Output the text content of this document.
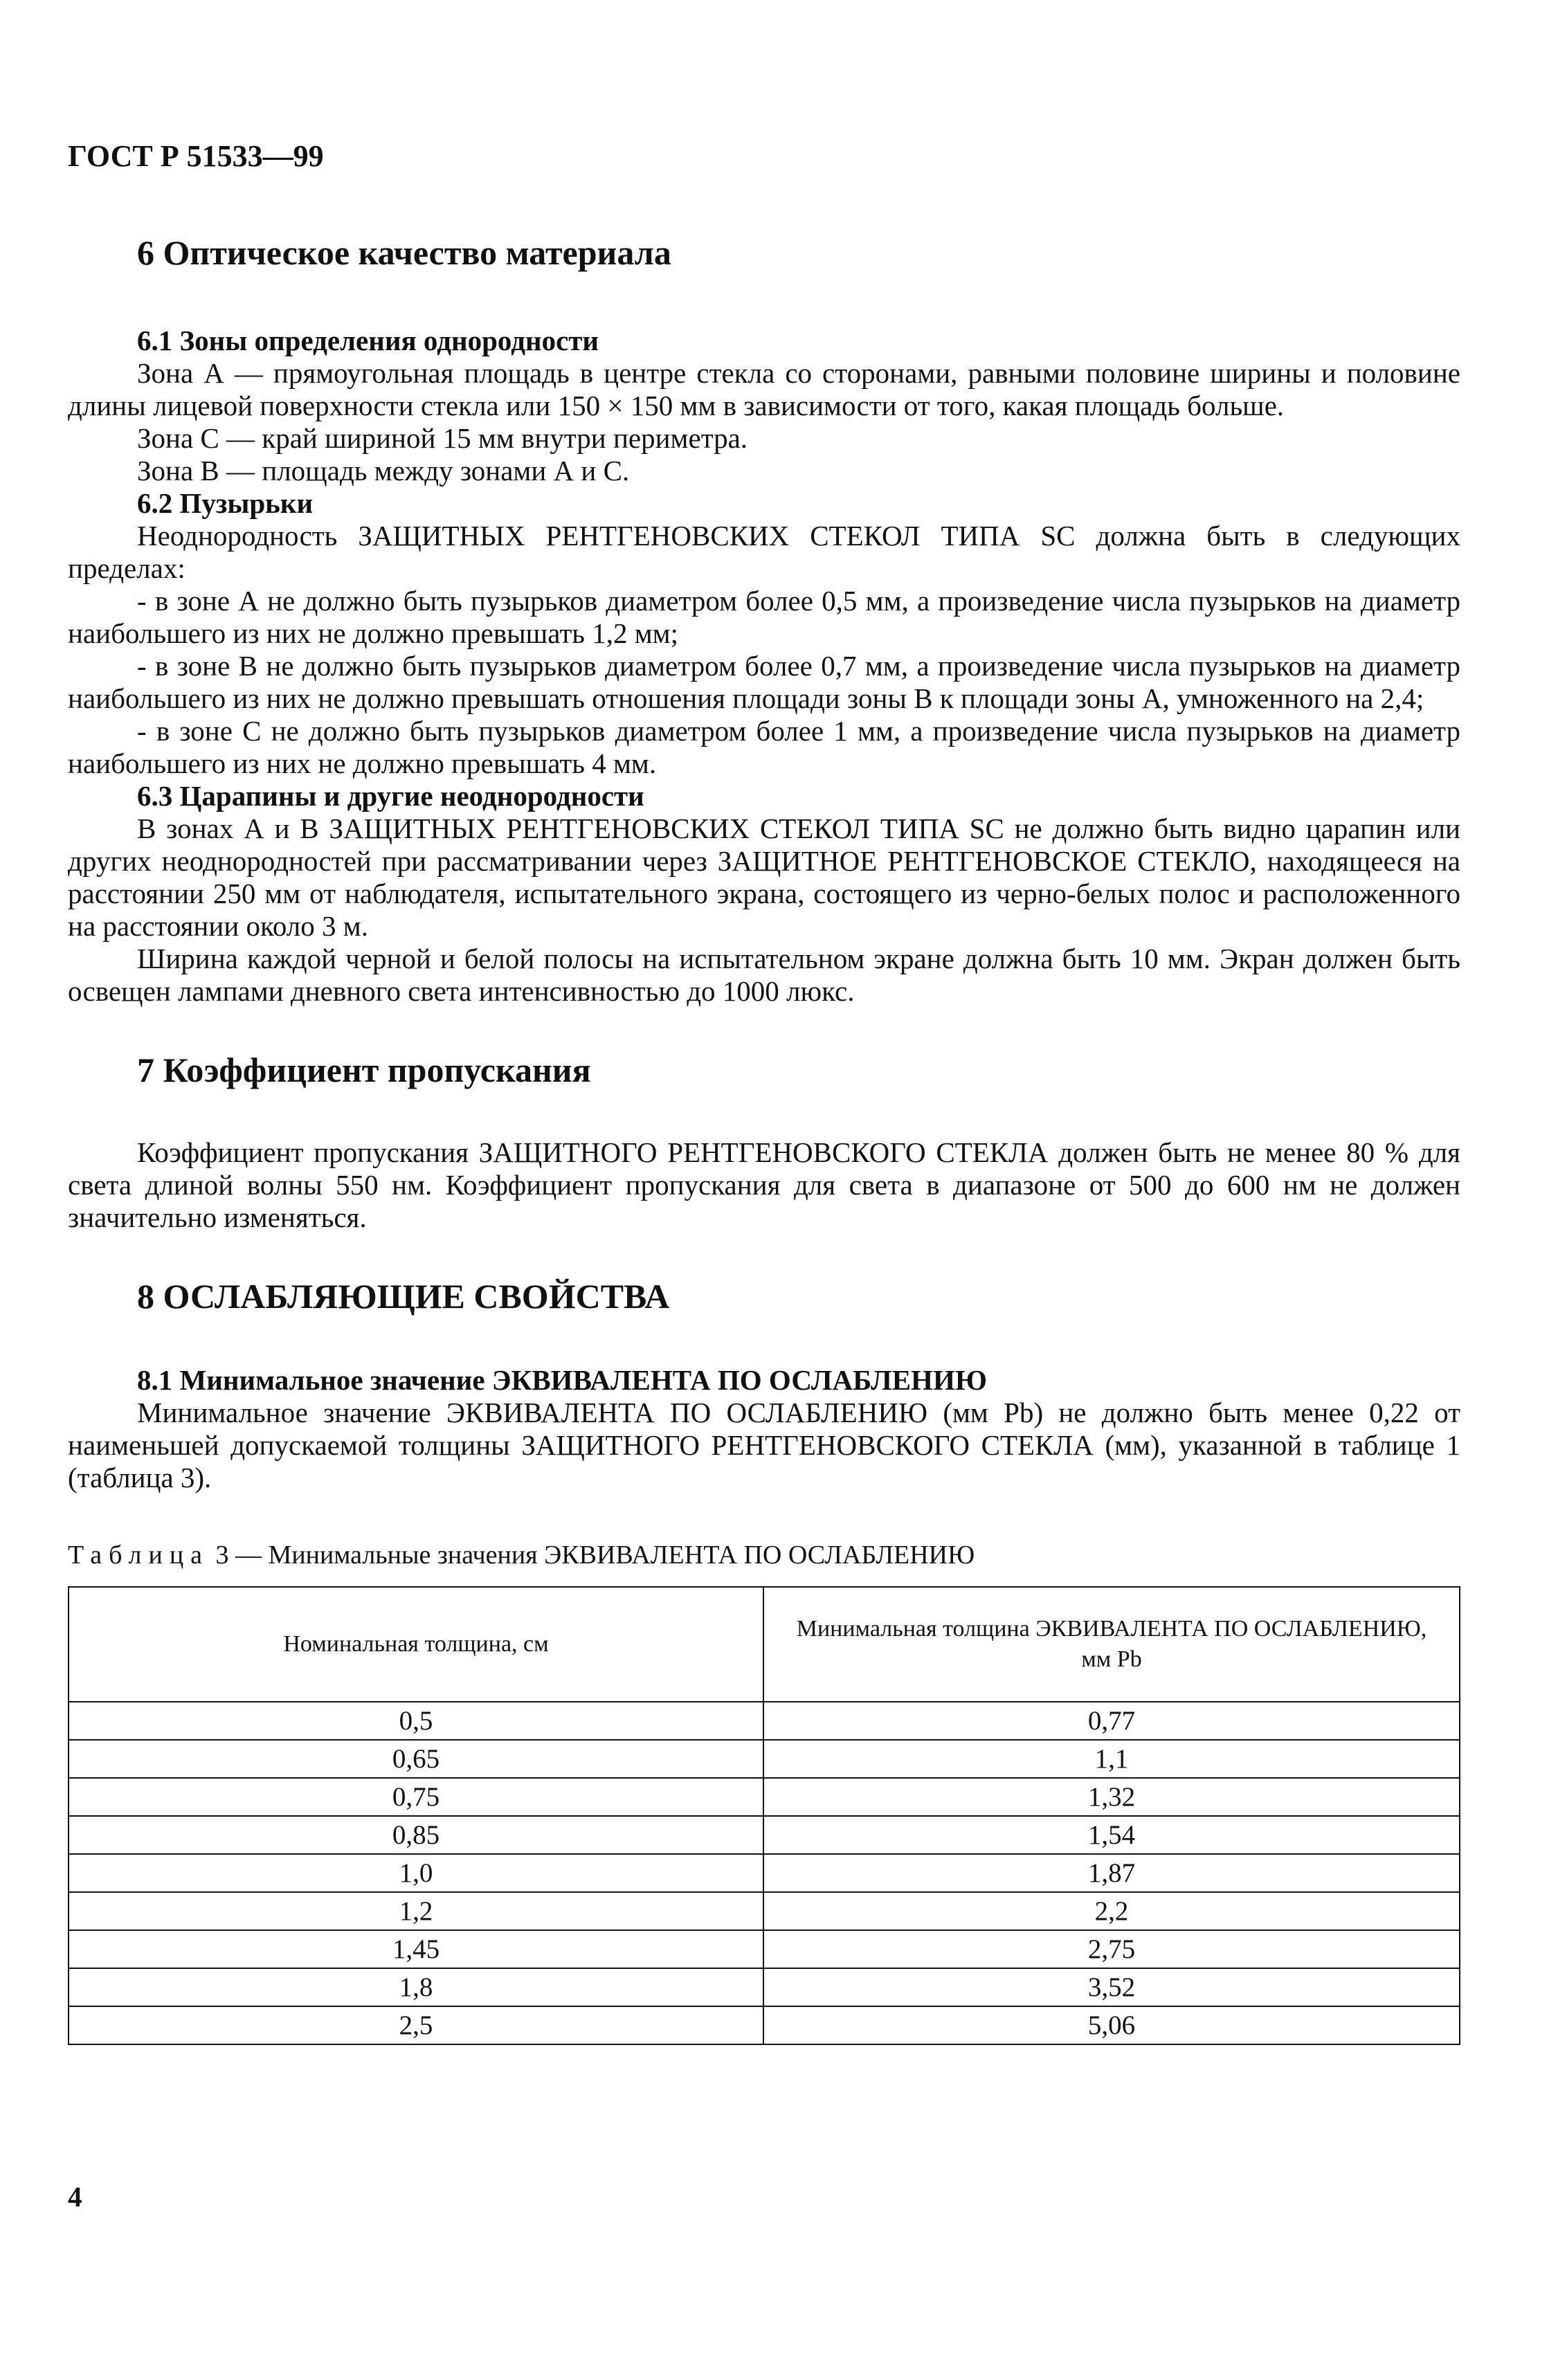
ГОСТ Р 51533—99
6 Оптическое качество материала
6.1 Зоны определения однородности

Зона А — прямоугольная площадь в центре стекла со сторонами, равными половине ширины и половине длины лицевой поверхности стекла или 150 × 150 мм в зависимости от того, какая площадь больше.

Зона С — край шириной 15 мм внутри периметра.

Зона В — площадь между зонами А и С.

6.2 Пузырьки

Неоднородность ЗАЩИТНЫХ РЕНТГЕНОВСКИХ СТЕКОЛ ТИПА SC должна быть в следующих пределах:

- в зоне А не должно быть пузырьков диаметром более 0,5 мм, а произведение числа пузырьков на диаметр наибольшего из них не должно превышать 1,2 мм;

- в зоне В не должно быть пузырьков диаметром более 0,7 мм, а произведение числа пузырьков на диаметр наибольшего из них не должно превышать отношения площади зоны В к площади зоны А, умноженного на 2,4;

- в зоне С не должно быть пузырьков диаметром более 1 мм, а произведение числа пузырьков на диаметр наибольшего из них не должно превышать 4 мм.

6.3 Царапины и другие неоднородности

В зонах А и В ЗАЩИТНЫХ РЕНТГЕНОВСКИХ СТЕКОЛ ТИПА SC не должно быть видно царапин или других неоднородностей при рассматривании через ЗАЩИТНОЕ РЕНТГЕНОВСКОЕ СТЕКЛО, находящееся на расстоянии 250 мм от наблюдателя, испытательного экрана, состоящего из черно-белых полос и расположенного на расстоянии около 3 м.

Ширина каждой черной и белой полосы на испытательном экране должна быть 10 мм. Экран должен быть освещен лампами дневного света интенсивностью до 1000 люкс.

7 Коэффициент пропускания

Коэффициент пропускания ЗАЩИТНОГО РЕНТГЕНОВСКОГО СТЕКЛА должен быть не менее 80 % для света длиной волны 550 нм. Коэффициент пропускания для света в диапазоне от 500 до 600 нм не должен значительно изменяться.

8 ОСЛАБЛЯЮЩИЕ СВОЙСТВА
8.1 Минимальное значение ЭКВИВАЛЕНТА ПО ОСЛАБЛЕНИЮ

Минимальное значение ЭКВИВАЛЕНТА ПО ОСЛАБЛЕНИЮ (мм Pb) не должно быть менее 0,22 от наименьшей допускаемой толщины ЗАЩИТНОГО РЕНТГЕНОВСКОГО СТЕКЛА (мм), указанной в таблице 1 (таблица 3).

Таблица 3 — Минимальные значения ЭКВИВАЛЕНТА ПО ОСЛАБЛЕНИЮ
Номинальная толщина, см	Минимальная толщина ЭКВИВАЛЕНТА ПО ОСЛАБЛЕНИЮ, мм Pb
0,5	0,77
0,65	1,1
0,75	1,32
0,85	1,54
1,0	1,87
1,2	2,2
1,45	2,75
1,8	3,52
2,5	5,06
4
